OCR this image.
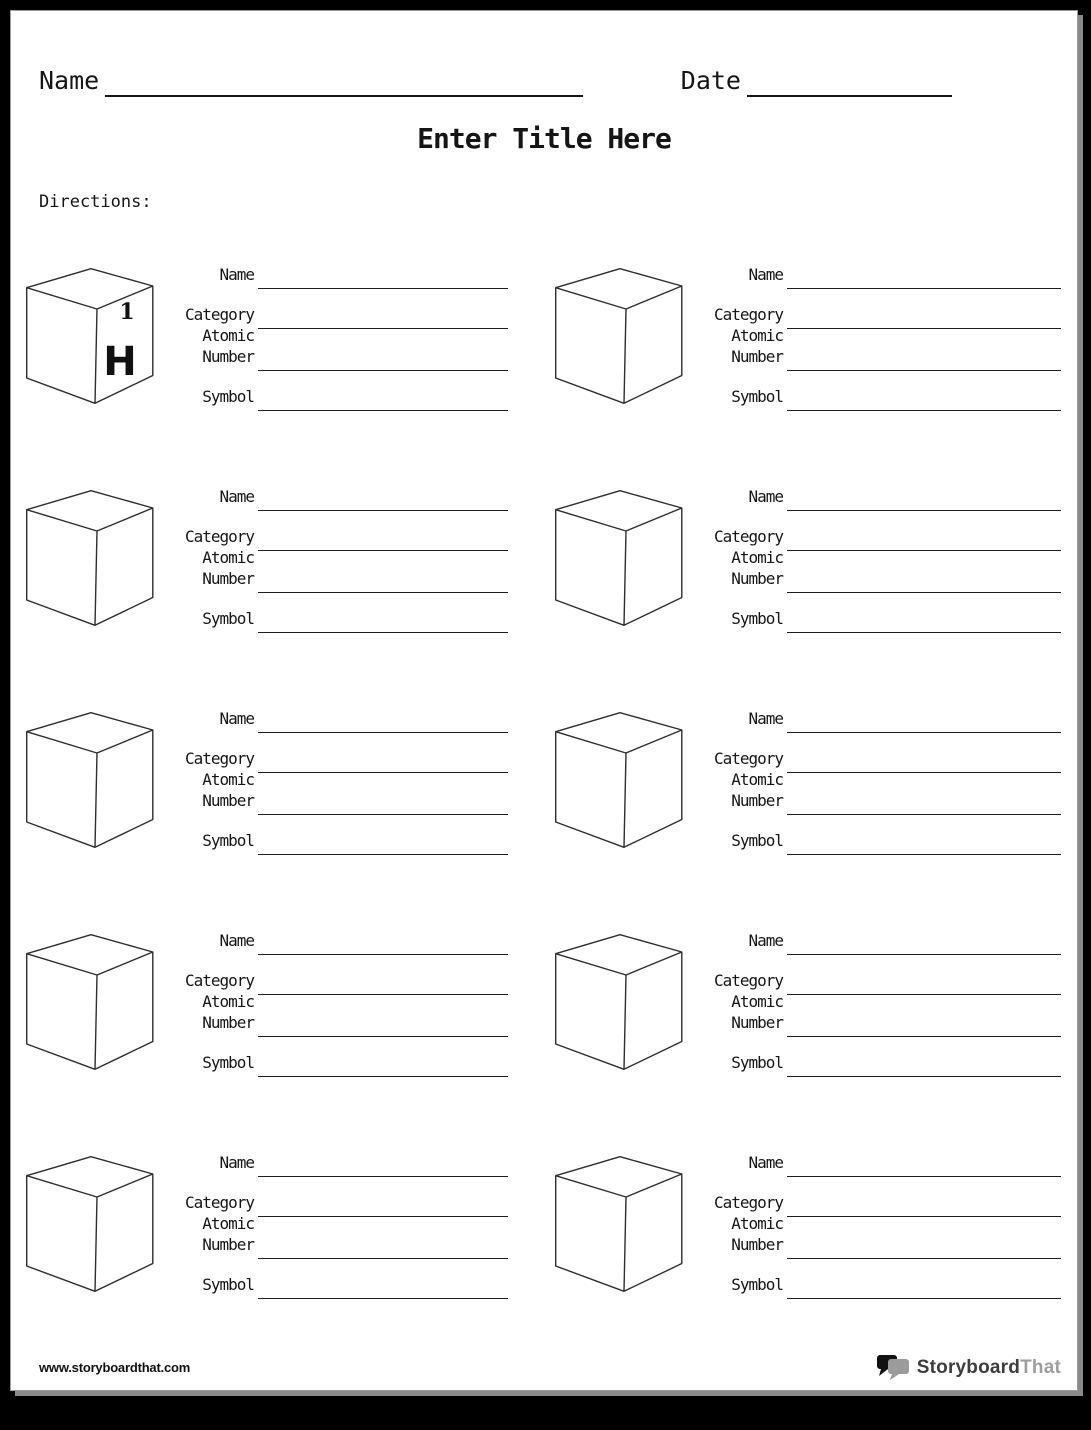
Name	Date
Enter Title Here
Directions:
1
H
Name
Category
Atomic
Number
Symbol
Name
Category
Atomic
Number
Symbol
Name
Category
Atomic
Number
Symbol
Name
Category
Atomic
Number
Symbol
Name
Category
Atomic
Number
Symbol
Name
Category
Atomic
Number
Symbol
Name
Category
Atomic
Number
Symbol
Name
Category
Atomic
Number
Symbol
Name
Category
Atomic
Number
Symbol
Name
Category
Atomic
Number
Symbol
www.storyboardthat.com	StoryboardThat
